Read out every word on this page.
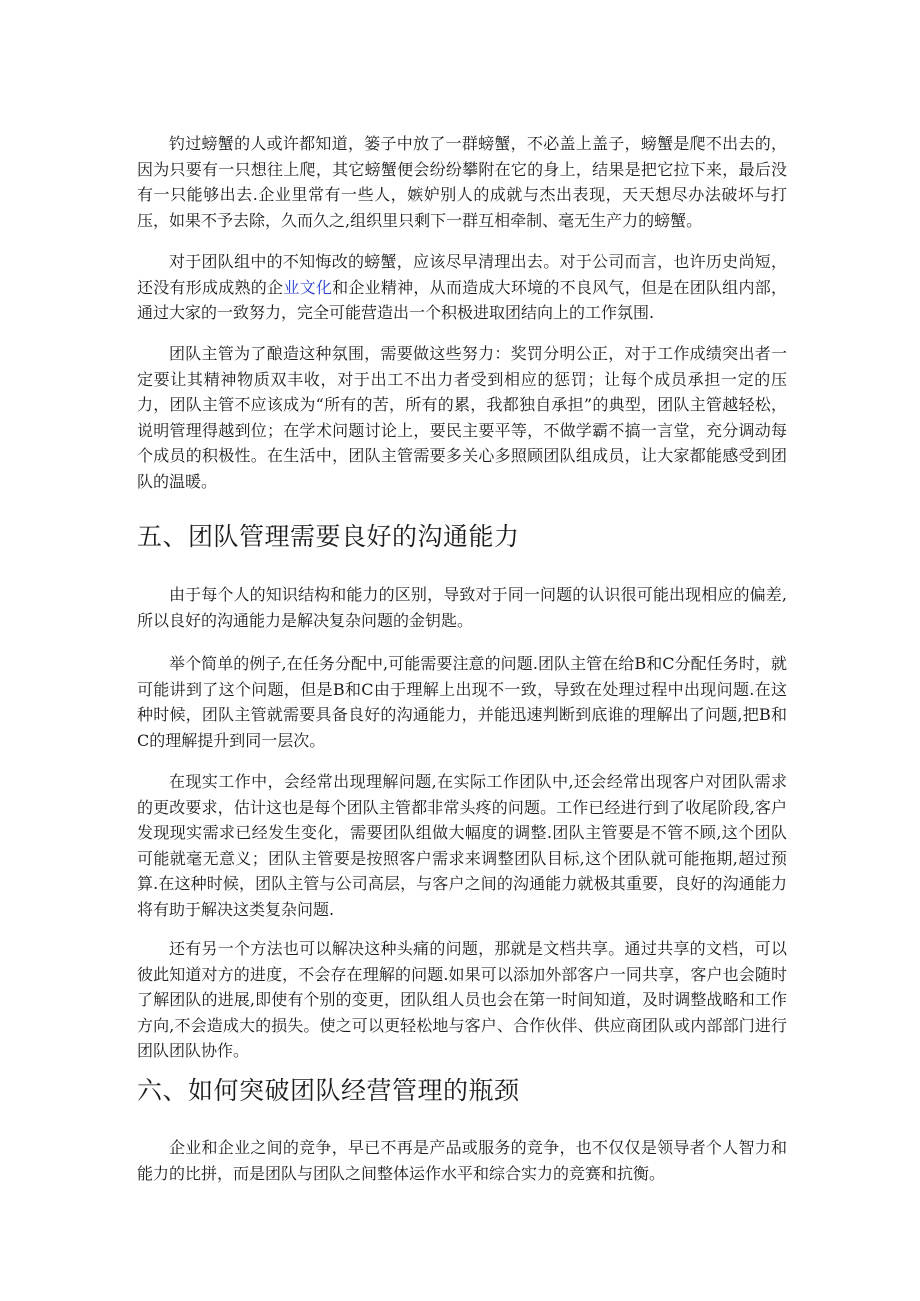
钓过螃蟹的人或许都知道，篓子中放了一群螃蟹，不必盖上盖子，螃蟹是爬不出去的，因为只要有一只想往上爬，其它螃蟹便会纷纷攀附在它的身上，结果是把它拉下来，最后没有一只能够出去.企业里常有一些人，嫉妒别人的成就与杰出表现，天天想尽办法破坏与打压，如果不予去除，久而久之,组织里只剩下一群互相牵制、毫无生产力的螃蟹。

对于团队组中的不知悔改的螃蟹，应该尽早清理出去。对于公司而言，也许历史尚短，还没有形成成熟的企业文化和企业精神，从而造成大环境的不良风气，但是在团队组内部，通过大家的一致努力，完全可能营造出一个积极进取团结向上的工作氛围.

团队主管为了酿造这种氛围，需要做这些努力：奖罚分明公正，对于工作成绩突出者一定要让其精神物质双丰收，对于出工不出力者受到相应的惩罚；让每个成员承担一定的压力，团队主管不应该成为“所有的苦，所有的累，我都独自承担”的典型，团队主管越轻松，说明管理得越到位；在学术问题讨论上，要民主要平等，不做学霸不搞一言堂，充分调动每个成员的积极性。在生活中，团队主管需要多关心多照顾团队组成员，让大家都能感受到团队的温暖。

五、团队管理需要良好的沟通能力

由于每个人的知识结构和能力的区别，导致对于同一问题的认识很可能出现相应的偏差,所以良好的沟通能力是解决复杂问题的金钥匙。

举个简单的例子,在任务分配中,可能需要注意的问题.团队主管在给B和C分配任务时，就可能讲到了这个问题，但是B和C由于理解上出现不一致，导致在处理过程中出现问题.在这种时候，团队主管就需要具备良好的沟通能力，并能迅速判断到底谁的理解出了问题,把B和C的理解提升到同一层次。

在现实工作中，会经常出现理解问题,在实际工作团队中,还会经常出现客户对团队需求的更改要求，估计这也是每个团队主管都非常头疼的问题。工作已经进行到了收尾阶段,客户发现现实需求已经发生变化，需要团队组做大幅度的调整.团队主管要是不管不顾,这个团队可能就毫无意义；团队主管要是按照客户需求来调整团队目标,这个团队就可能拖期,超过预算.在这种时候，团队主管与公司高层，与客户之间的沟通能力就极其重要，良好的沟通能力将有助于解决这类复杂问题.

还有另一个方法也可以解决这种头痛的问题，那就是文档共享。通过共享的文档，可以彼此知道对方的进度，不会存在理解的问题.如果可以添加外部客户一同共享，客户也会随时了解团队的进展,即使有个别的变更，团队组人员也会在第一时间知道，及时调整战略和工作方向,不会造成大的损失。使之可以更轻松地与客户、合作伙伴、供应商团队或内部部门进行团队团队协作。

六、如何突破团队经营管理的瓶颈

企业和企业之间的竞争，早已不再是产品或服务的竞争，也不仅仅是领导者个人智力和能力的比拼，而是团队与团队之间整体运作水平和综合实力的竞赛和抗衡。
